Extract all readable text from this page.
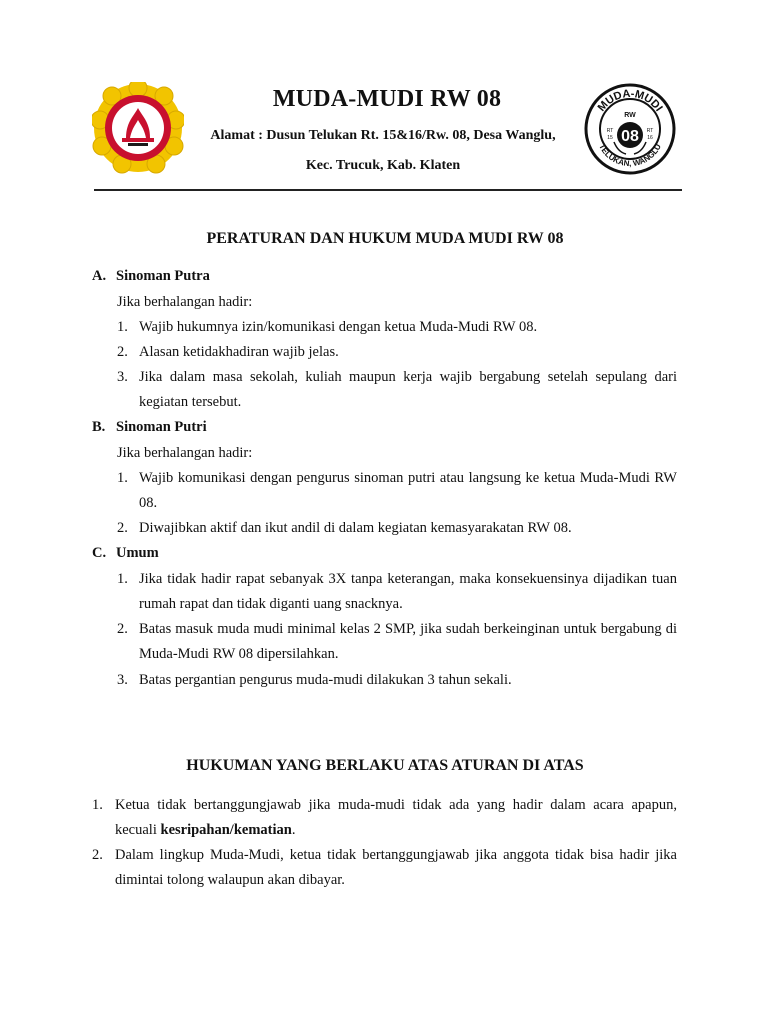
MUDA-MUDI RW 08
Alamat : Dusun Telukan Rt. 15&16/Rw. 08, Desa Wanglu,
Kec. Trucuk, Kab. Klaten
MUDA-MUDI
TELUKAN, WANGLU
RW
08
RT
15
RT
16
PERATURAN DAN HUKUM MUDA MUDI RW 08
A. Sinoman Putra
Jika berhalangan hadir:
1. Wajib hukumnya izin/komunikasi dengan ketua Muda-Mudi RW 08.
2. Alasan ketidakhadiran wajib jelas.
3. Jika dalam masa sekolah, kuliah maupun kerja wajib bergabung setelah sepulang dari kegiatan tersebut.
B. Sinoman Putri
Jika berhalangan hadir:
1. Wajib komunikasi dengan pengurus sinoman putri atau langsung ke ketua Muda-Mudi RW 08.
2. Diwajibkan aktif dan ikut andil di dalam kegiatan kemasyarakatan RW 08.
C. Umum
1. Jika tidak hadir rapat sebanyak 3X tanpa keterangan, maka konsekuensinya dijadikan tuan rumah rapat dan tidak diganti uang snacknya.
2. Batas masuk muda mudi minimal kelas 2 SMP, jika sudah berkeinginan untuk bergabung di Muda-Mudi RW 08 dipersilahkan.
3. Batas pergantian pengurus muda-mudi dilakukan 3 tahun sekali.
HUKUMAN YANG BERLAKU ATAS ATURAN DI ATAS
1. Ketua tidak bertanggungjawab jika muda-mudi tidak ada yang hadir dalam acara apapun, kecuali kesripahan/kematian.
2. Dalam lingkup Muda-Mudi, ketua tidak bertanggungjawab jika anggota tidak bisa hadir jika dimintai tolong walaupun akan dibayar.
